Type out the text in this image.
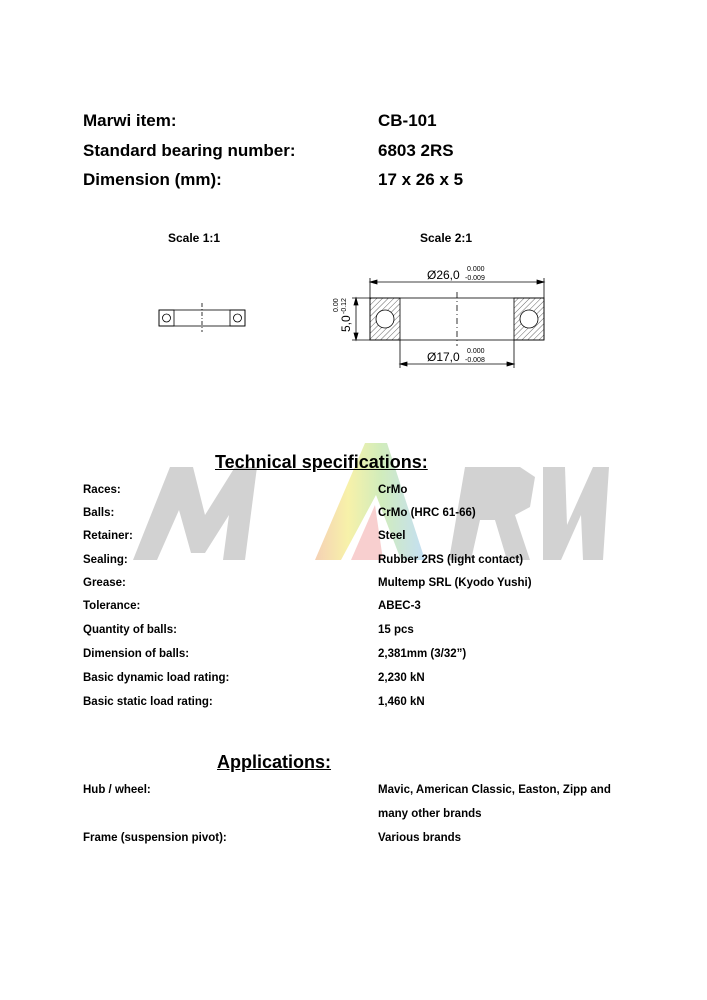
Marwi item:	CB-101
Standard bearing number:	6803 2RS
Dimension (mm):	17 x 26 x 5
Scale 1:1	Scale 2:1
Ø26,0 0.000
-0.009
Ø17,0 0.000
-0.008
5,0
0.00 -0.12
Technical specifications:
Races:	CrMo
Balls:	CrMo (HRC 61-66)
Retainer:	Steel
Sealing:	Rubber 2RS (light contact)
Grease:	Multemp SRL (Kyodo Yushi)
Tolerance:	ABEC-3
Quantity of balls:	15 pcs
Dimension of balls:	2,381mm (3/32”)
Basic dynamic load rating:	2,230 kN
Basic static load rating:	1,460 kN
Applications:
Hub / wheel:	Mavic, American Classic, Easton, Zipp and
many other brands
Frame (suspension pivot):	Various brands
